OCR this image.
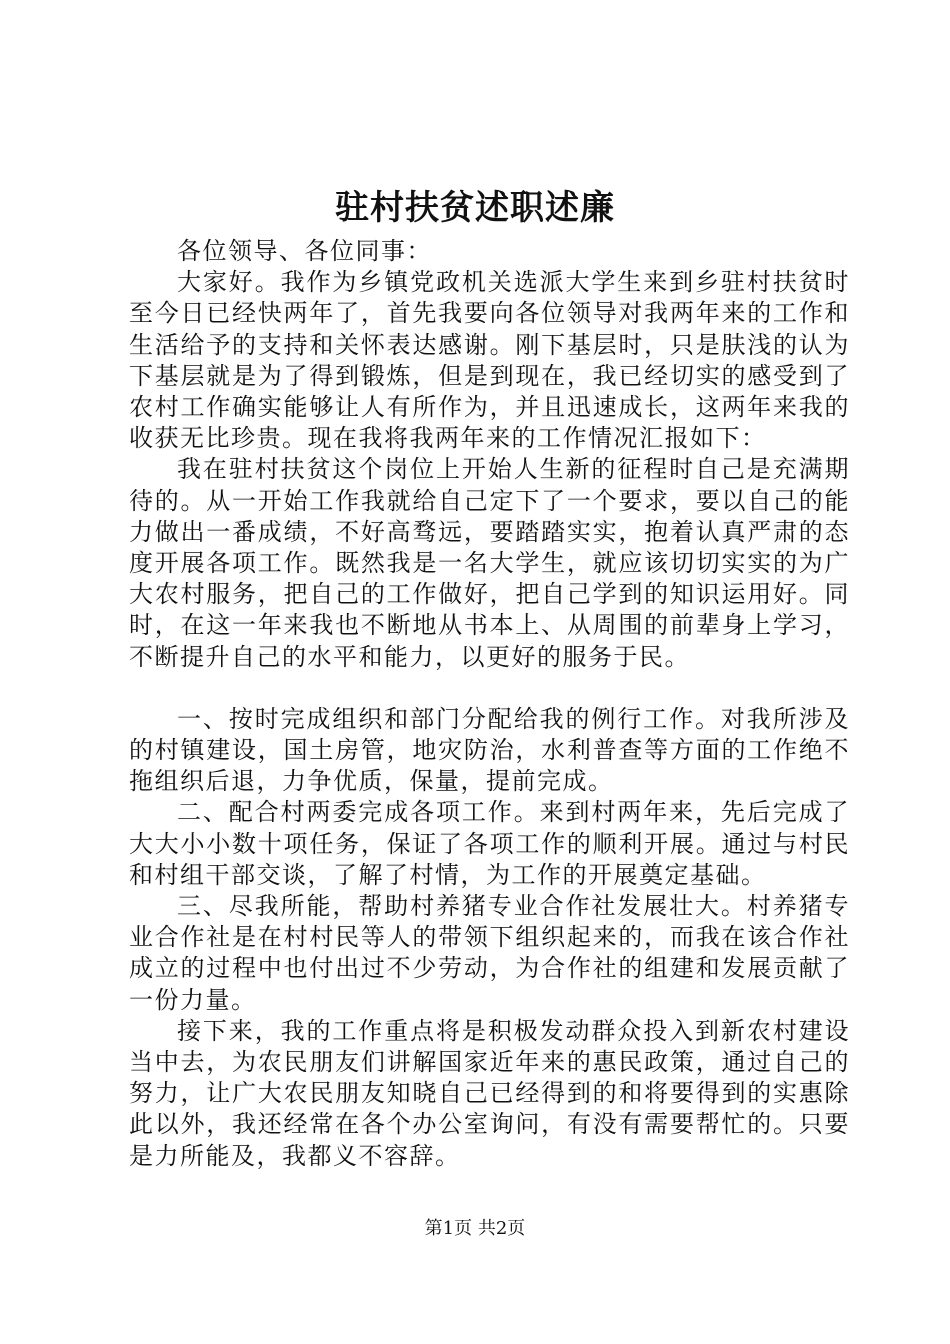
驻村扶贫述职述廉

各位领导、各位同事：

大家好。我作为乡镇党政机关选派大学生来到乡驻村扶贫时至今日已经快两年了，首先我要向各位领导对我两年来的工作和生活给予的支持和关怀表达感谢。刚下基层时，只是肤浅的认为下基层就是为了得到锻炼，但是到现在，我已经切实的感受到了农村工作确实能够让人有所作为，并且迅速成长，这两年来我的收获无比珍贵。现在我将我两年来的工作情况汇报如下：

我在驻村扶贫这个岗位上开始人生新的征程时自己是充满期待的。从一开始工作我就给自己定下了一个要求，要以自己的能力做出一番成绩，不好高骛远，要踏踏实实，抱着认真严肃的态度开展各项工作。既然我是一名大学生，就应该切切实实的为广大农村服务，把自己的工作做好，把自己学到的知识运用好。同时，在这一年来我也不断地从书本上、从周围的前辈身上学习，不断提升自己的水平和能力，以更好的服务于民。

一、按时完成组织和部门分配给我的例行工作。对我所涉及的村镇建设，国土房管，地灾防治，水利普查等方面的工作绝不拖组织后退，力争优质，保量，提前完成。

二、配合村两委完成各项工作。来到村两年来，先后完成了大大小小数十项任务，保证了各项工作的顺利开展。通过与村民和村组干部交谈，了解了村情，为工作的开展奠定基础。

三、尽我所能，帮助村养猪专业合作社发展壮大。村养猪专业合作社是在村村民等人的带领下组织起来的，而我在该合作社成立的过程中也付出过不少劳动，为合作社的组建和发展贡献了一份力量。

接下来，我的工作重点将是积极发动群众投入到新农村建设当中去，为农民朋友们讲解国家近年来的惠民政策，通过自己的努力，让广大农民朋友知晓自己已经得到的和将要得到的实惠除此以外，我还经常在各个办公室询问，有没有需要帮忙的。只要是力所能及，我都义不容辞。

第1页 共2页
